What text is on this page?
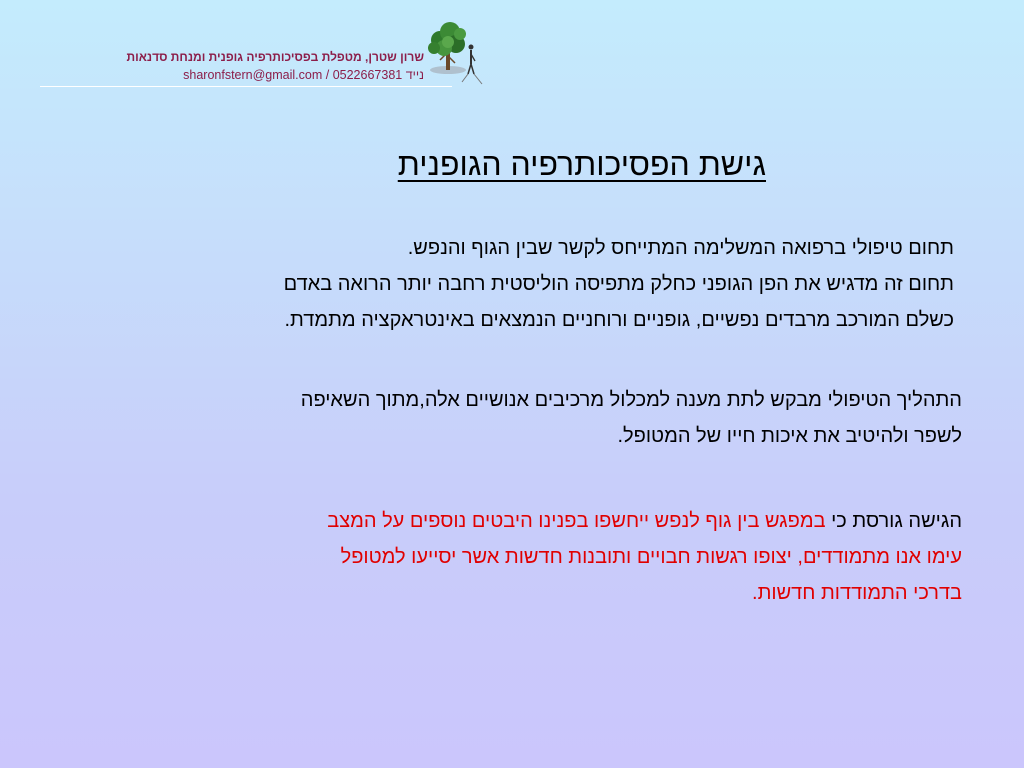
שרון שטרן, מטפלת בפסיכותרפיה גופנית ומנחת סדנאות
נייד 0522667381 / sharonfstern@gmail.com
גישת הפסיכותרפיה הגופנית

תחום טיפולי ברפואה המשלימה המתייחס לקשר שבין הגוף והנפש.

תחום זה מדגיש את הפן הגופני כחלק מתפיסה הוליסטית רחבה יותר הרואה באדם

כשלם המורכב מרבדים נפשיים, גופניים ורוחניים הנמצאים באינטראקציה מתמדת.

התהליך הטיפולי מבקש לתת מענה למכלול מרכיבים אנושיים אלה,מתוך השאיפה

לשפר ולהיטיב את איכות חייו של המטופל.

הגישה גורסת כי במפגש בין גוף לנפש ייחשפו בפנינו היבטים נוספים על המצב

עימו אנו מתמודדים, יצופו רגשות חבויים ותובנות חדשות אשר יסייעו למטופל

בדרכי התמודדות חדשות.
